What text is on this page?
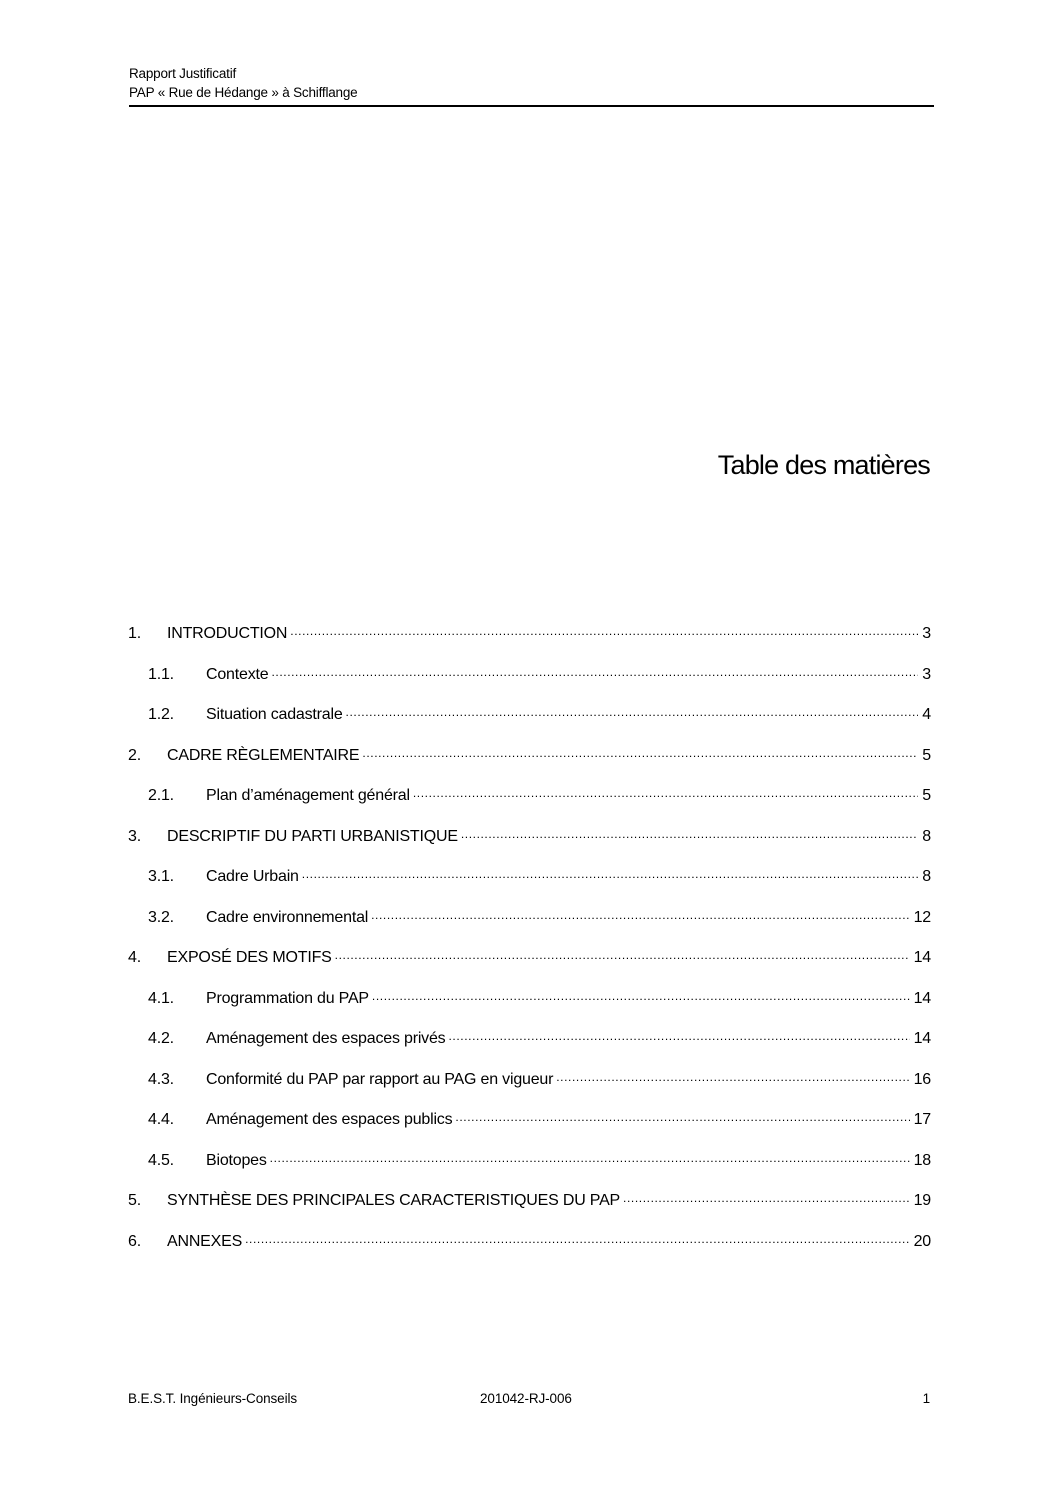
Rapport Justificatif
PAP « Rue de Hédange » à Schifflange
Table des matières
1.	INTRODUCTION .....	3
1.1.	Contexte .....	3
1.2.	Situation cadastrale .....	4
2.	CADRE RÈGLEMENTAIRE .....	5
2.1.	Plan d’aménagement général .....	5
3.	DESCRIPTIF DU PARTI URBANISTIQUE .....	8
3.1.	Cadre Urbain .....	8
3.2.	Cadre environnemental .....	12
4.	EXPOSÉ DES MOTIFS .....	14
4.1.	Programmation du PAP .....	14
4.2.	Aménagement des espaces privés .....	14
4.3.	Conformité du PAP par rapport au PAG en vigueur .....	16
4.4.	Aménagement des espaces publics .....	17
4.5.	Biotopes .....	18
5.	SYNTHÈSE DES PRINCIPALES CARACTERISTIQUES DU PAP .....	19
6.	ANNEXES .....	20
B.E.S.T. Ingénieurs-Conseils	201042-RJ-006	1
